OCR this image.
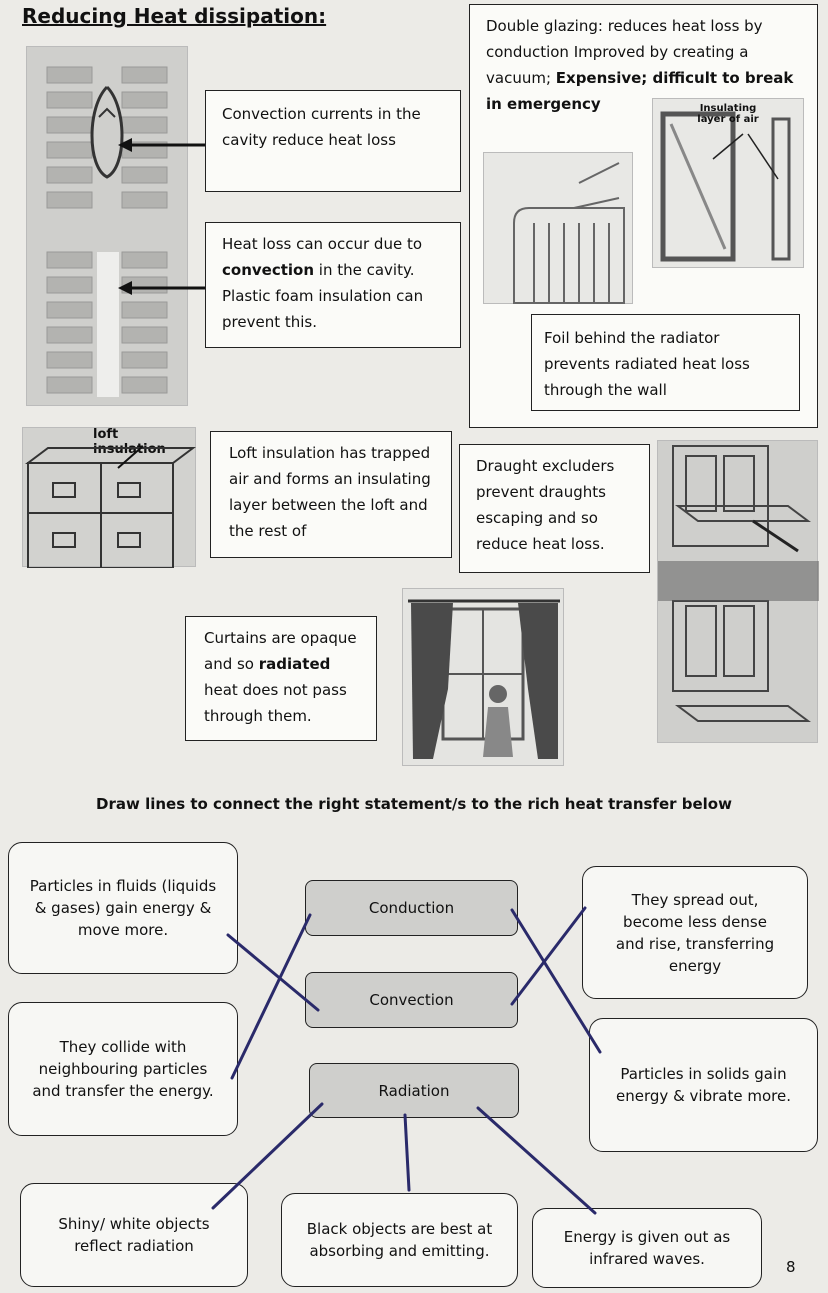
Reducing Heat dissipation:
Convection currents in the cavity reduce heat loss
Heat loss can occur due to convection in the cavity. Plastic foam insulation can prevent this.
Double glazing: reduces heat loss by conduction Improved by creating a vacuum; Expensive; difficult to break in emergency	Insulating layer of air
Foil behind the radiator prevents radiated heat loss through the wall
loft insulation	Loft insulation has trapped air and forms an insulating layer between the loft and the rest of
Draught excluders prevent draughts escaping and so reduce heat loss.
Curtains are opaque and so radiated heat does not pass through them.
Draw lines to connect the right statement/s to the rich heat transfer below
Conduction
Convection
Radiation
Particles in fluids (liquids & gases) gain energy & move more.
They collide with neighbouring particles and transfer the energy.
They spread out, become less dense and rise, transferring energy
Particles in solids gain energy & vibrate more.
Shiny/ white objects reflect radiation
Black objects are best at absorbing and emitting.
Energy is given out as infrared waves.	8
